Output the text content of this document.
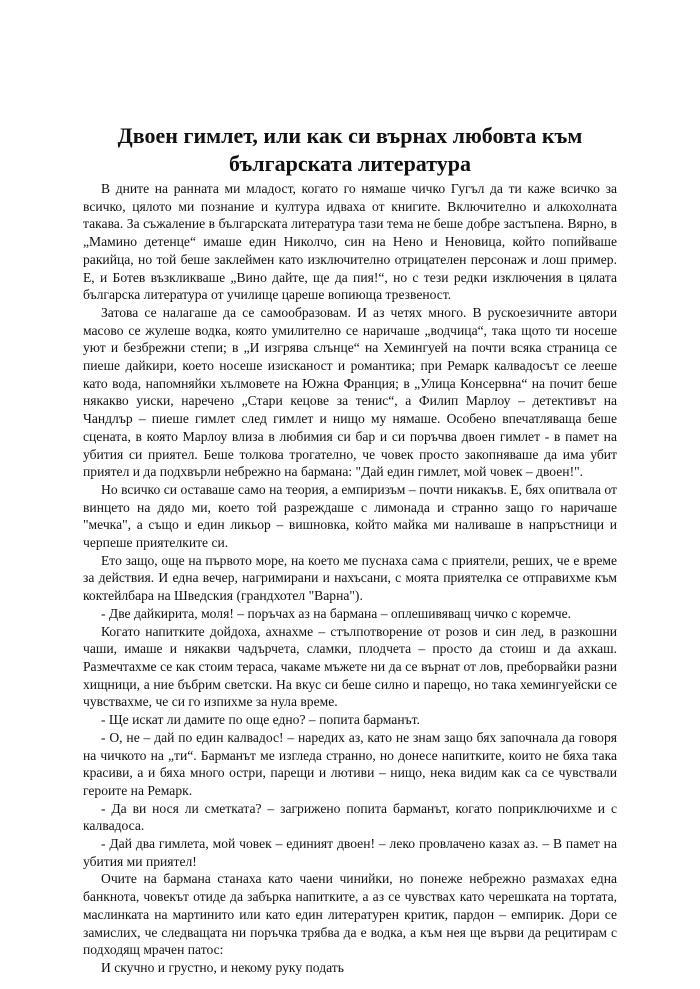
Двоен гимлет, или как си върнах любовта към
българската литература

В дните на ранната ми младост, когато го нямаше чичко Гугъл да ти каже всичко за всичко, цялото ми познание и култура идваха от книгите. Включително и алкохолната такава. За съжаление в българската литература тази тема не беше добре застъпена. Вярно, в „Мамино детенце“ имаше един Николчо, син на Нено и Неновица, който попийваше ракийца, но той беше заклеймен като изключително отрицателен персонаж и лош пример. Е, и Ботев възкликваше „Вино дайте, ще да пия!“, но с тези редки изключения в цялата българска литература от училище цареше вопиюща трезвеност.

Затова се налагаше да се самообразовам. И аз четях много. В рускоезичните автори масово се жулеше водка, която умилително се наричаше „водчица“, така щото ти носеше уют и безбрежни степи; в „И изгрява слънце“ на Хемингуей на почти всяка страница се пиеше дайкири, което носеше изисканост и романтика; при Ремарк калвадосът се лееше като вода, напомняйки хълмовете на Южна Франция; в „Улица Консервна“ на почит беше някакво уиски, наречено „Стари кецове за тенис“, а Филип Марлоу – детективът на Чандлър – пиеше гимлет след гимлет и нищо му нямаше. Особено впечатляваща беше сцената, в която Марлоу влиза в любимия си бар и си поръчва двоен гимлет - в памет на убития си приятел. Беше толкова трогателно, че човек просто закопняваше да има убит приятел и да подхвърли небрежно на бармана: "Дай един гимлет, мой човек – двоен!".

Но всичко си оставаше само на теория, а емпиризъм – почти никакъв. Е, бях опитвала от винцето на дядо ми, което той разреждаше с лимонада и странно защо го наричаше "мечка", а също и един ликьор – вишновка, който майка ми наливаше в напръстници и черпеше приятелките си.

Ето защо, още на първото море, на което ме пуснаха сама с приятели, реших, че е време за действия. И една вечер, нагримирани и нахъсани, с моята приятелка се отправихме към коктейлбара на Шведския (грандхотел "Варна").

- Две дайкирита, моля! – поръчах аз на бармана – оплешивяващ чичко с коремче.

Когато напитките дойдоха, ахнахме – стълпотворение от розов и син лед, в разкошни чаши, имаше и някакви чадърчета, сламки, плодчета – просто да стоиш и да ахкаш. Размечтахме се как стоим тераса, чакаме мъжете ни да се върнат от лов, преборвайки разни хищници, а ние бъбрим светски. На вкус си беше силно и парещо, но така хемингуейски се чувствахме, че си го изпихме за нула време.

- Ще искат ли дамите по още едно? – попита барманът.

- О, не – дай по един калвадос! – наредих аз, като не знам защо бях започнала да говоря на чичкото на „ти“. Барманът ме изгледа странно, но донесе напитките, които не бяха така красиви, а и бяха много остри, парещи и лютиви – нищо, нека видим как са се чувствали героите на Ремарк.

- Да ви нося ли сметката? – загрижено попита барманът, когато поприключихме и с калвадоса.

- Дай два гимлета, мой човек – единият двоен! – леко провлачено казах аз. – В памет на убития ми приятел!

Очите на бармана станаха като чаени чинийки, но понеже небрежно размахах една банкнота, човекът отиде да забърка напитките, а аз се чувствах като черешката на тортата, маслинката на мартинито или като един литературен критик, пардон – емпирик. Дори се замислих, че следващата ни поръчка трябва да е водка, а към нея ще върви да рецитирам с подходящ мрачен патос:

И скучно и грустно, и некому руку подать
